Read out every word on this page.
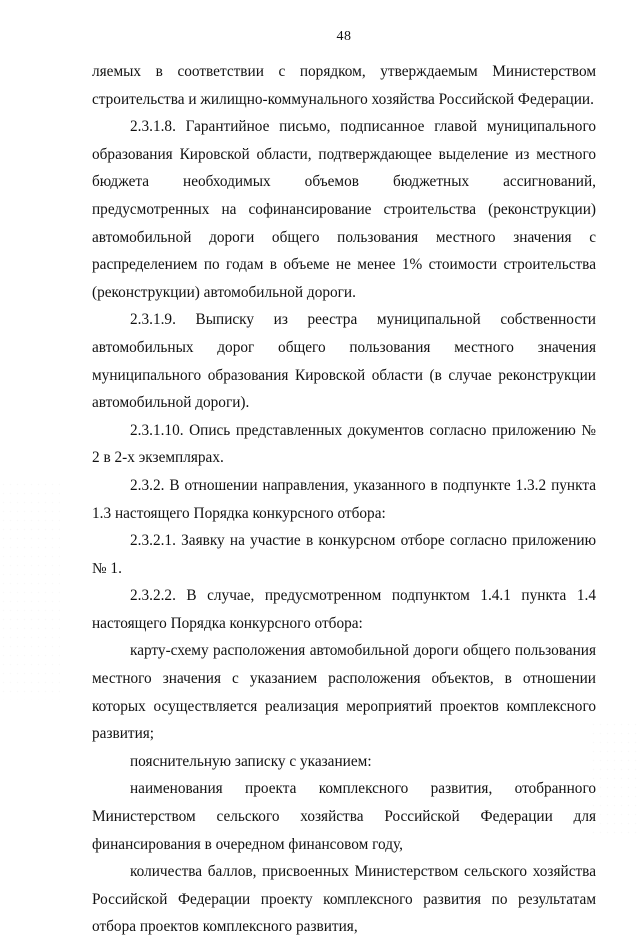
48

ляемых в соответствии с порядком, утверждаемым Министерством строительства и жилищно-коммунального хозяйства Российской Федерации.

2.3.1.8. Гарантийное письмо, подписанное главой муниципального образования Кировской области, подтверждающее выделение из местного бюджета необходимых объемов бюджетных ассигнований, предусмотренных на софинансирование строительства (реконструкции) автомобильной дороги общего пользования местного значения с распределением по годам в объеме не менее 1% стоимости строительства (реконструкции) автомобильной дороги.

2.3.1.9. Выписку из реестра муниципальной собственности автомобильных дорог общего пользования местного значения муниципального образования Кировской области (в случае реконструкции автомобильной дороги).

2.3.1.10. Опись представленных документов согласно приложению № 2 в 2-х экземплярах.

2.3.2. В отношении направления, указанного в подпункте 1.3.2 пункта 1.3 настоящего Порядка конкурсного отбора:

2.3.2.1. Заявку на участие в конкурсном отборе согласно приложению № 1.

2.3.2.2. В случае, предусмотренном подпунктом 1.4.1 пункта 1.4 настоящего Порядка конкурсного отбора:

карту-схему расположения автомобильной дороги общего пользования местного значения с указанием расположения объектов, в отношении которых осуществляется реализация мероприятий проектов комплексного развития;

пояснительную записку с указанием:

наименования проекта комплексного развития, отобранного Министерством сельского хозяйства Российской Федерации для финансирования в очередном финансовом году,

количества баллов, присвоенных Министерством сельского хозяйства Российской Федерации проекту комплексного развития по результатам отбора проектов комплексного развития,
